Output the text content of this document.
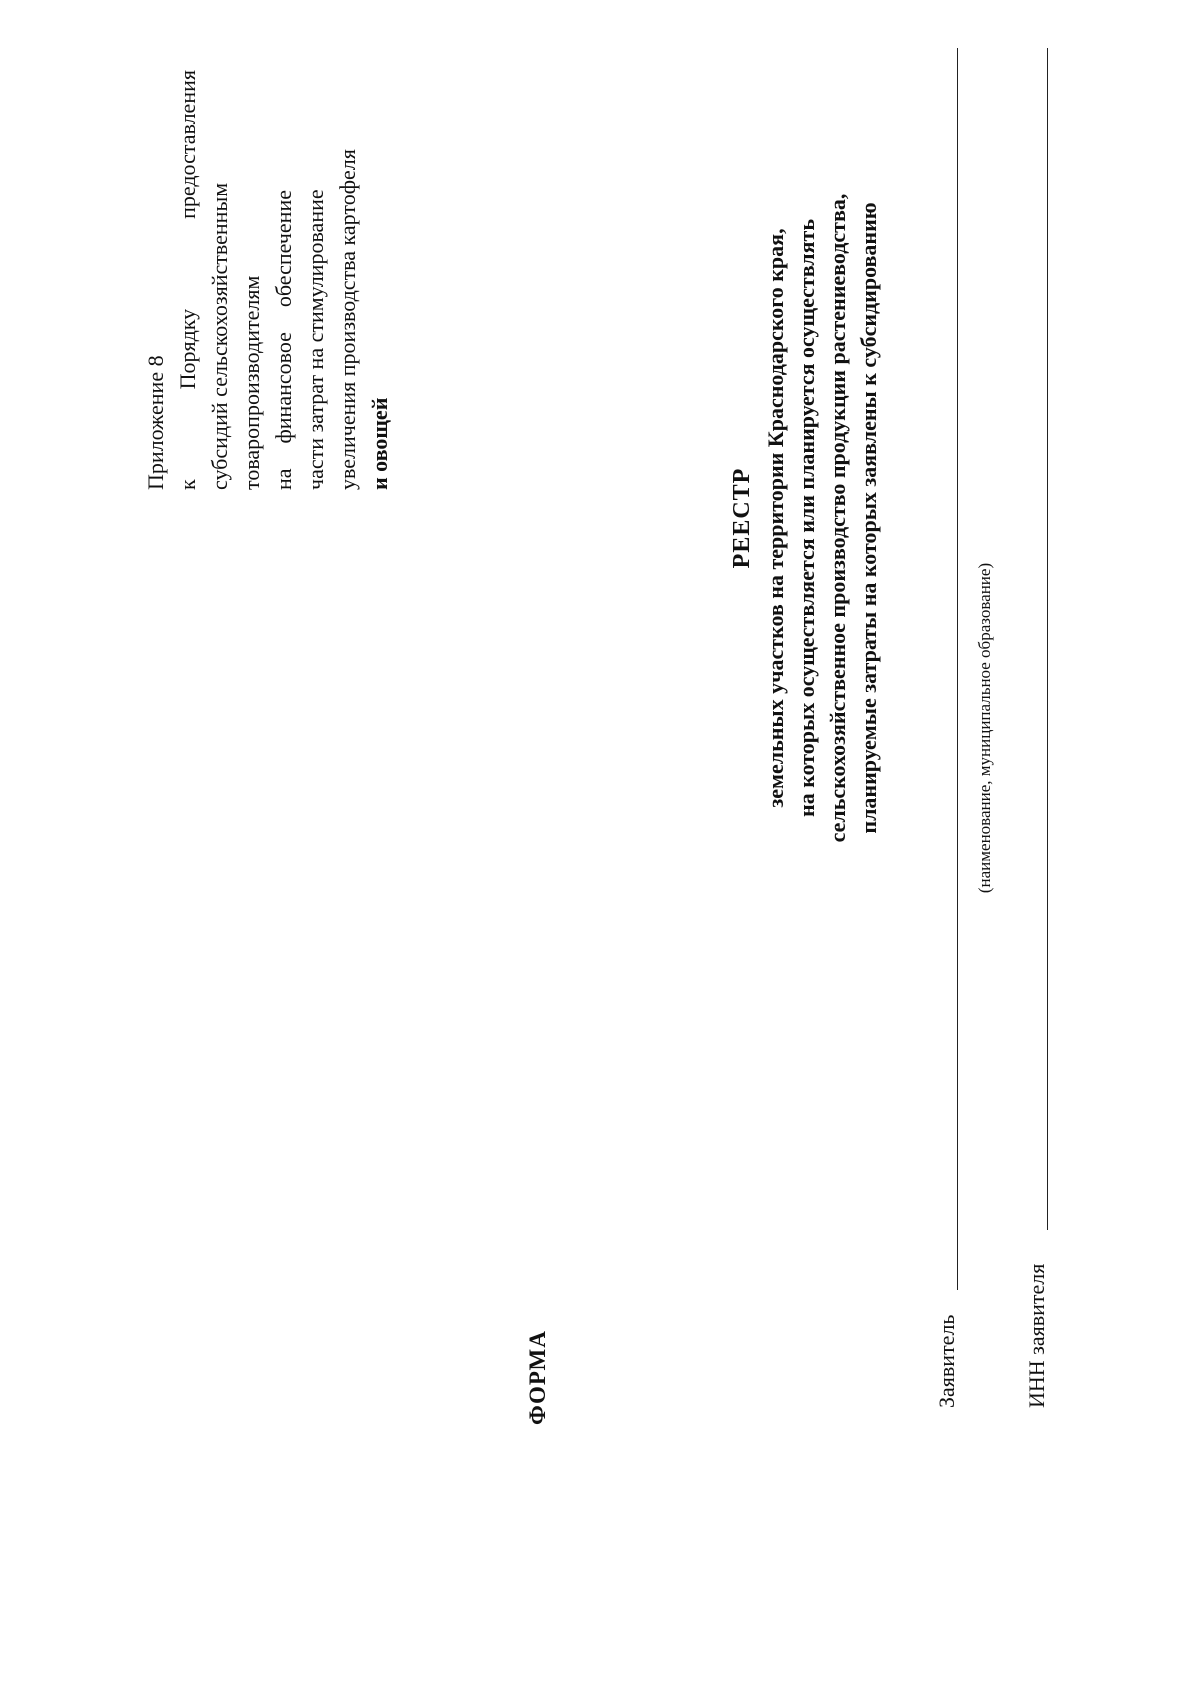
Приложение 8 к Порядку предоставления субсидий сельскохозяйственным товаропроизводителям на финансовое обеспечение части затрат на стимулирование увеличения производства картофеля и овощей
ФОРМА
РЕЕСТР земельных участков на территории Краснодарского края, на которых осуществляется или планируется осуществлять сельскохозяйственное производство продукции растениеводства, планируемые затраты на которых заявлены к субсидированию
Заявитель
(наименование, муниципальное образование)
ИНН заявителя
